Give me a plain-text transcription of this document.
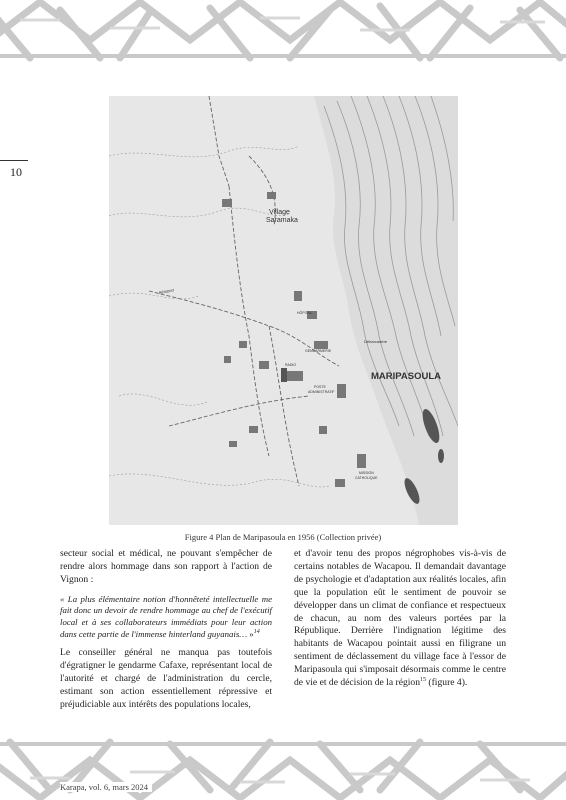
10
Village
Saramaka
MARIPASOULA
HÔPITAL
GENDARMERIE
RADIO
POSTE
ADMINISTRATIF
MISSION
CATHOLIQUE
Aéroport
Débarcadère
Figure 4 Plan de Maripasoula en 1956 (Collection privée)

secteur social et médical, ne pouvant s'empêcher de rendre alors hommage dans son rapport à l'action de Vignon :

« La plus élémentaire notion d'honnêteté intellectuelle me fait donc un devoir de rendre hommage au chef de l'exécutif local et à ses collaborateurs immédiats pour leur action dans cette partie de l'immense hinterland guyanais… »$^{14}$

Le conseiller général ne manqua pas toutefois d'égratigner le gendarme Cafaxe, représentant local de l'autorité et chargé de l'administration du cercle, estimant son action essentiellement répressive et préjudiciable aux intérêts des populations locales,

et d'avoir tenu des propos négrophobes vis-à-vis de certains notables de Wacapou. Il demandait davantage de psychologie et d'adaptation aux réalités locales, afin que la population eût le sentiment de pouvoir se développer dans un climat de confiance et respectueux de chacun, au nom des valeurs portées par la République. Derrière l'indignation légitime des habitants de Wacapou pointait aussi en filigrane un sentiment de déclassement du village face à l'essor de Maripasoula qui s'imposait désormais comme le centre de vie et de décision de la région$^{15}$ (figure 4).

Karapa, vol. 6, mars 2024
